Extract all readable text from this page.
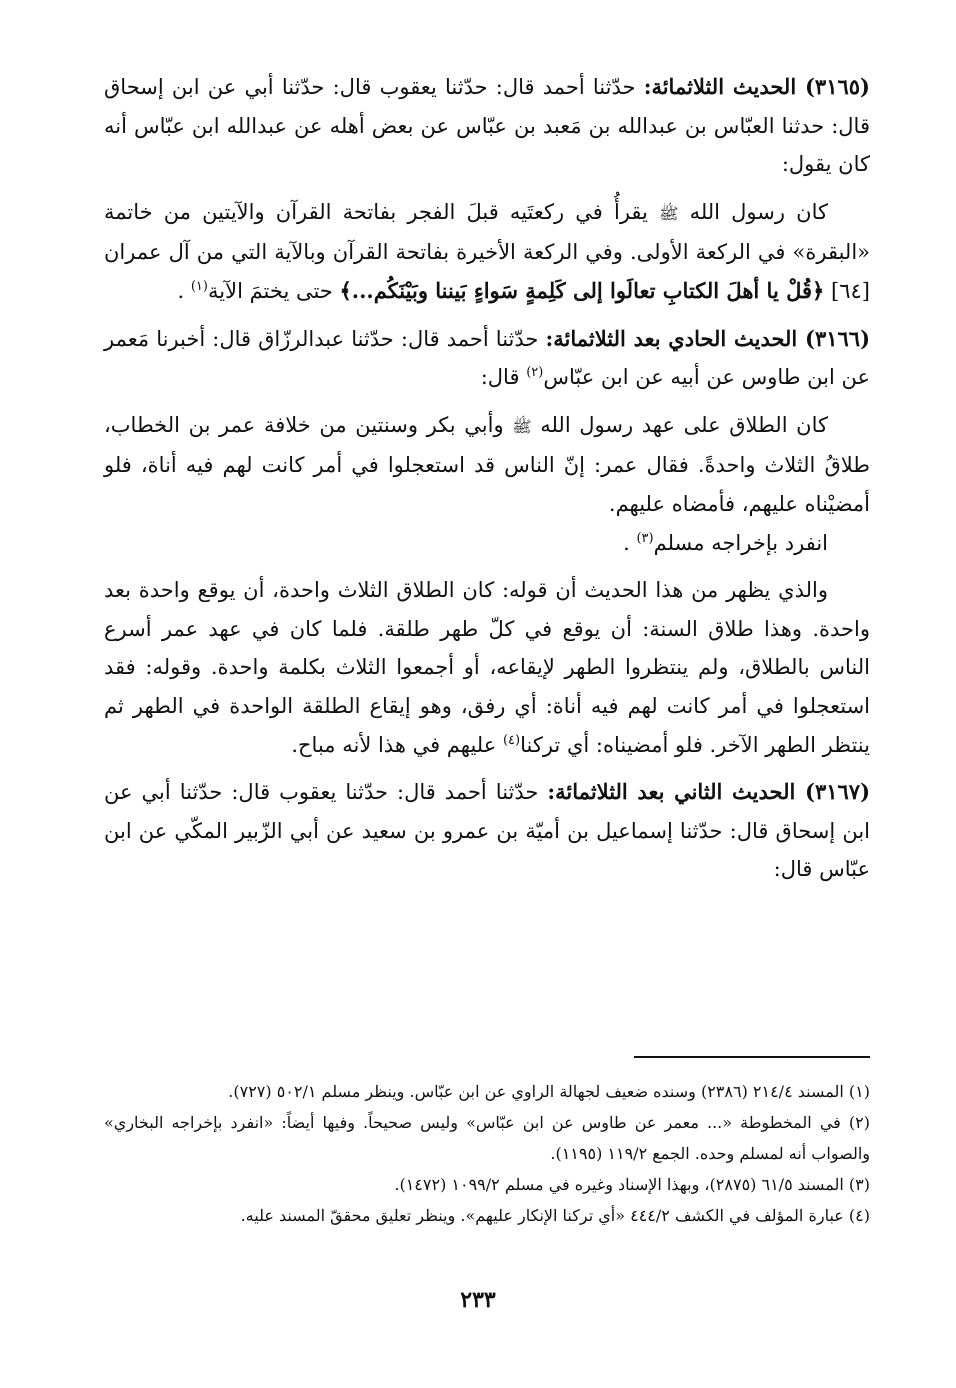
(٣١٦٥) الحديث الثلاثمائة: حدّثنا أحمد قال: حدّثنا يعقوب قال: حدّثنا أبي عن ابن إسحاق قال: حدثنا العبّاس بن عبدالله بن مَعبد بن عبّاس عن بعض أهله عن عبدالله ابن عبّاس أنه كان يقول:

كان رسول الله ﷺ يقرأُ في ركعتَيه قبلَ الفجر بفاتحة القرآن والآيتين من خاتمة «البقرة» في الركعة الأولى. وفي الركعة الأخيرة بفاتحة القرآن وبالآية التي من آل عمران [٦٤] ﴿قُلْ يا أهلَ الكتابِ تعالَوا إلى كَلِمةٍ سَواءٍ بَيننا وبَيْنَكُم...﴾ حتى يختمَ الآية$^{(١)}$ .

(٣١٦٦) الحديث الحادي بعد الثلاثمائة: حدّثنا أحمد قال: حدّثنا عبدالرزّاق قال: أخبرنا مَعمر عن ابن طاوس عن أبيه عن ابن عبّاس$^{(٢)}$ قال:

كان الطلاق على عهد رسول الله ﷺ وأبي بكر وسنتين من خلافة عمر بن الخطاب، طلاقُ الثلاث واحدةً. فقال عمر: إنّ الناس قد استعجلوا في أمر كانت لهم فيه أناة، فلو أمضيْناه عليهم، فأمضاه عليهم.

انفرد بإخراجه مسلم$^{(٣)}$ .

والذي يظهر من هذا الحديث أن قوله: كان الطلاق الثلاث واحدة، أن يوقع واحدة بعد واحدة. وهذا طلاق السنة: أن يوقع في كلّ طهر طلقة. فلما كان في عهد عمر أسرع الناس بالطلاق، ولم ينتظروا الطهر لإيقاعه، أو أجمعوا الثلاث بكلمة واحدة. وقوله: فقد استعجلوا في أمر كانت لهم فيه أناة: أي رفق، وهو إيقاع الطلقة الواحدة في الطهر ثم ينتظر الطهر الآخر. فلو أمضيناه: أي تركنا$^{(٤)}$ عليهم في هذا لأنه مباح.

(٣١٦٧) الحديث الثاني بعد الثلاثمائة: حدّثنا أحمد قال: حدّثنا يعقوب قال: حدّثنا أبي عن ابن إسحاق قال: حدّثنا إسماعيل بن أميّة بن عمرو بن سعيد عن أبي الزّبير المكّي عن ابن عبّاس قال:

(١) المسند ٢١٤/٤ (٢٣٨٦) وسنده ضعيف لجهالة الراوي عن ابن عبّاس. وينظر مسلم ٥٠٢/١ (٧٢٧).

(٢) في المخطوطة «... معمر عن طاوس عن ابن عبّاس» وليس صحيحاً. وفيها أيضاً: «انفرد بإخراجه البخاري» والصواب أنه لمسلم وحده. الجمع ١١٩/٢ (١١٩٥).

(٣) المسند ٦١/٥ (٢٨٧٥)، وبهذا الإسناد وغيره في مسلم ١٠٩٩/٢ (١٤٧٢).

(٤) عبارة المؤلف في الكشف ٤٤٤/٢ «أي تركنا الإنكار عليهم». وينظر تعليق محققّ المسند عليه.

٢٣٣
